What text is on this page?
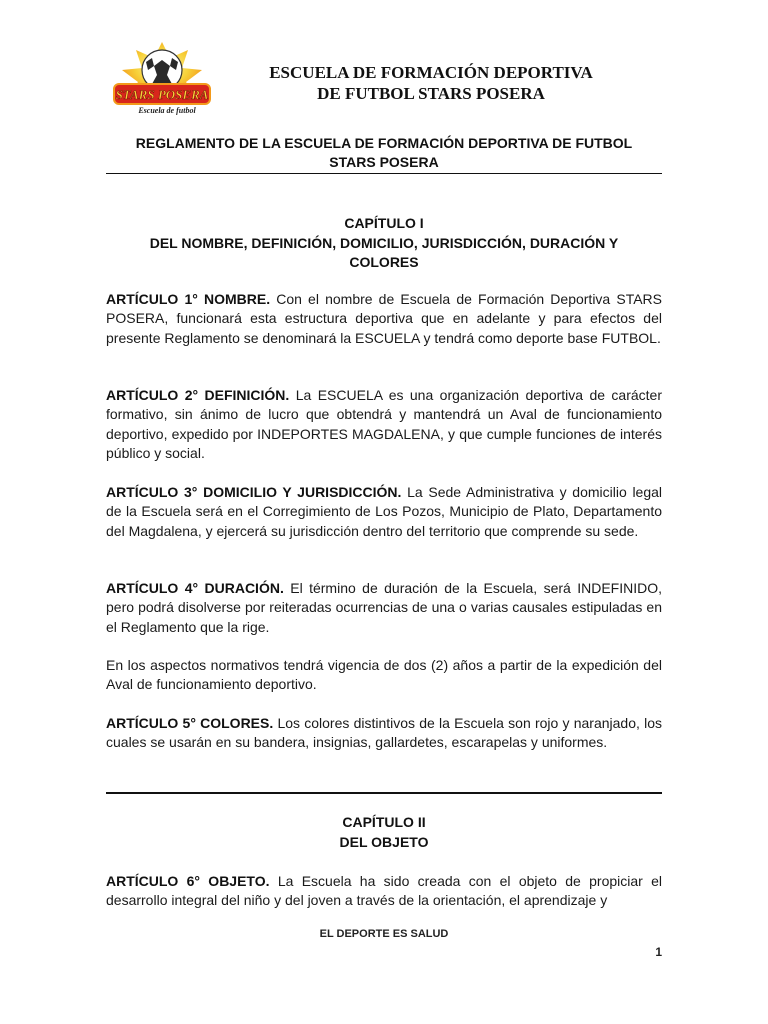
STARS POSERA
Escuela de futbol
ESCUELA DE FORMACIÓN DEPORTIVA
DE FUTBOL STARS POSERA
REGLAMENTO DE LA ESCUELA DE FORMACIÓN DEPORTIVA DE FUTBOL
STARS POSERA
CAPÍTULO I
DEL NOMBRE, DEFINICIÓN, DOMICILIO, JURISDICCIÓN, DURACIÓN Y
COLORES
ARTÍCULO 1° NOMBRE. Con el nombre de Escuela de Formación Deportiva STARS POSERA, funcionará esta estructura deportiva que en adelante y para efectos del presente Reglamento se denominará la ESCUELA y tendrá como deporte base FUTBOL.
ARTÍCULO 2° DEFINICIÓN. La ESCUELA es una organización deportiva de carácter formativo, sin ánimo de lucro que obtendrá y mantendrá un Aval de funcionamiento deportivo, expedido por INDEPORTES MAGDALENA, y que cumple funciones de interés público y social.
ARTÍCULO 3° DOMICILIO Y JURISDICCIÓN. La Sede Administrativa y domicilio legal de la Escuela será en el Corregimiento de Los Pozos, Municipio de Plato, Departamento del Magdalena, y ejercerá su jurisdicción dentro del territorio que comprende su sede.
ARTÍCULO 4° DURACIÓN. El término de duración de la Escuela, será INDEFINIDO, pero podrá disolverse por reiteradas ocurrencias de una o varias causales estipuladas en el Reglamento que la rige.
En los aspectos normativos tendrá vigencia de dos (2) años a partir de la expedición del Aval de funcionamiento deportivo.
ARTÍCULO 5° COLORES. Los colores distintivos de la Escuela son rojo y naranjado, los cuales se usarán en su bandera, insignias, gallardetes, escarapelas y uniformes.
CAPÍTULO II
DEL OBJETO
ARTÍCULO 6° OBJETO. La Escuela ha sido creada con el objeto de propiciar el desarrollo integral del niño y del joven a través de la orientación, el aprendizaje y
EL DEPORTE ES SALUD
1
